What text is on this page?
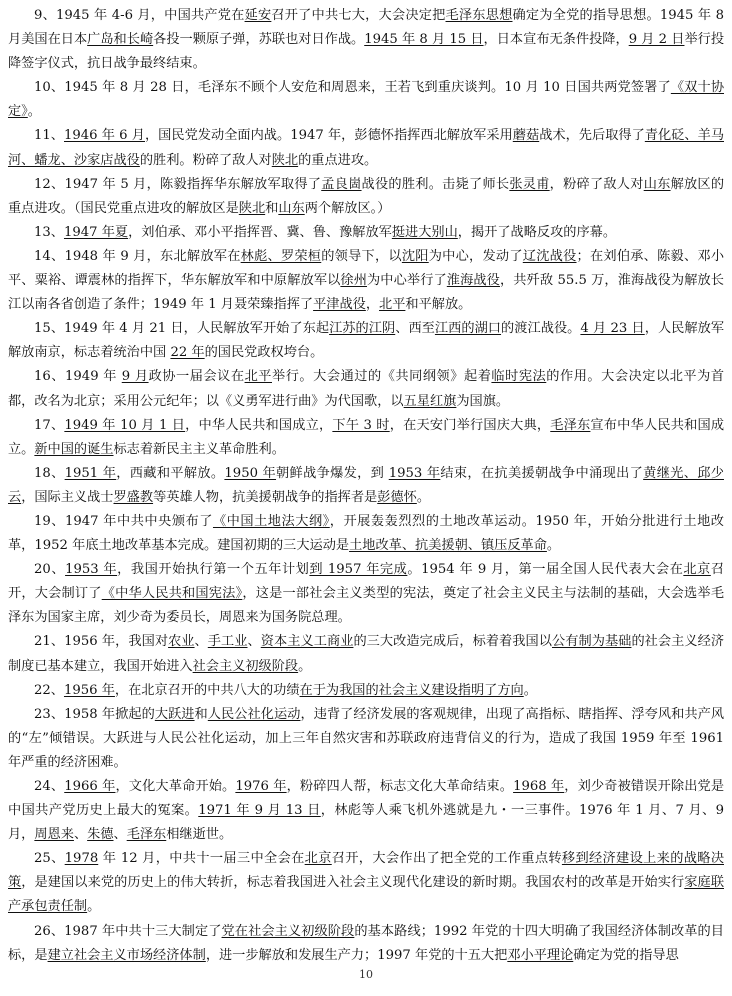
9、1945 年 4-6 月，中国共产党在延安召开了中共七大，大会决定把毛泽东思想确定为全党的指导思想。1945 年 8 月美国在日本广岛和长崎各投一颗原子弹，苏联也对日作战。1945 年 8 月 15 日，日本宣布无条件投降，9 月 2 日举行投降签字仪式，抗日战争最终结束。

10、1945 年 8 月 28 日，毛泽东不顾个人安危和周恩来，王若飞到重庆谈判。10 月 10 日国共两党签署了《双十协定》。

11、1946 年 6 月，国民党发动全面内战。1947 年，彭德怀指挥西北解放军采用蘑菇战术，先后取得了青化砭、羊马河、蟠龙、沙家店战役的胜利。粉碎了敌人对陕北的重点进攻。

12、1947 年 5 月，陈毅指挥华东解放军取得了孟良崮战役的胜利。击毙了师长张灵甫，粉碎了敌人对山东解放区的重点进攻。（国民党重点进攻的解放区是陕北和山东两个解放区。）

13、1947 年夏，刘伯承、邓小平指挥晋、冀、鲁、豫解放军挺进大别山，揭开了战略反攻的序幕。

14、1948 年 9 月，东北解放军在林彪、罗荣桓的领导下，以沈阳为中心，发动了辽沈战役；在刘伯承、陈毅、邓小平、粟裕、谭震林的指挥下，华东解放军和中原解放军以徐州为中心举行了淮海战役，共歼敌 55.5 万，淮海战役为解放长江以南各省创造了条件；1949 年 1 月聂荣臻指挥了平津战役，北平和平解放。

15、1949 年 4 月 21 日，人民解放军开始了东起江苏的江阴、西至江西的湖口的渡江战役。4 月 23 日，人民解放军解放南京，标志着统治中国 22 年的国民党政权垮台。

16、1949 年 9 月政协一届会议在北平举行。大会通过的《共同纲领》起着临时宪法的作用。大会决定以北平为首都，改名为北京；采用公元纪年；以《义勇军进行曲》为代国歌，以五星红旗为国旗。

17、1949 年 10 月 1 日，中华人民共和国成立，下午 3 时，在天安门举行国庆大典，毛泽东宣布中华人民共和国成立。新中国的诞生标志着新民主主义革命胜利。

18、1951 年，西藏和平解放。1950 年朝鲜战争爆发，到 1953 年结束，在抗美援朝战争中涌现出了黄继光、邱少云，国际主义战士罗盛教等英雄人物，抗美援朝战争的指挥者是彭德怀。

19、1947 年中共中央颁布了《中国土地法大纲》，开展轰轰烈烈的土地改革运动。1950 年，开始分批进行土地改革，1952 年底土地改革基本完成。建国初期的三大运动是土地改革、抗美援朝、镇压反革命。

20、1953 年，我国开始执行第一个五年计划到 1957 年完成。1954 年 9 月，第一届全国人民代表大会在北京召开，大会制订了《中华人民共和国宪法》，这是一部社会主义类型的宪法，奠定了社会主义民主与法制的基础，大会选举毛泽东为国家主席，刘少奇为委员长，周恩来为国务院总理。

21、1956 年，我国对农业、手工业、资本主义工商业的三大改造完成后，标着着我国以公有制为基础的社会主义经济制度已基本建立，我国开始进入社会主义初级阶段。

22、1956 年，在北京召开的中共八大的功绩在于为我国的社会主义建设指明了方向。

23、1958 年掀起的大跃进和人民公社化运动，违背了经济发展的客观规律，出现了高指标、瞎指挥、浮夸风和共产风的“左”倾错误。大跃进与人民公社化运动，加上三年自然灾害和苏联政府违背信义的行为，造成了我国 1959 年至 1961 年严重的经济困难。

24、1966 年，文化大革命开始。1976 年，粉碎四人帮，标志文化大革命结束。1968 年，刘少奇被错误开除出党是中国共产党历史上最大的冤案。1971 年 9 月 13 日，林彪等人乘飞机外逃就是九・一三事件。1976 年 1 月、7 月、9 月，周恩来、朱德、毛泽东相继逝世。

25、1978 年 12 月，中共十一届三中全会在北京召开，大会作出了把全党的工作重点转移到经济建设上来的战略决策，是建国以来党的历史上的伟大转折，标志着我国进入社会主义现代化建设的新时期。我国农村的改革是开始实行家庭联产承包责任制。

26、1987 年中共十三大制定了党在社会主义初级阶段的基本路线；1992 年党的十四大明确了我国经济体制改革的目标，是建立社会主义市场经济体制，进一步解放和发展生产力；1997 年党的十五大把邓小平理论确定为党的指导思

10
